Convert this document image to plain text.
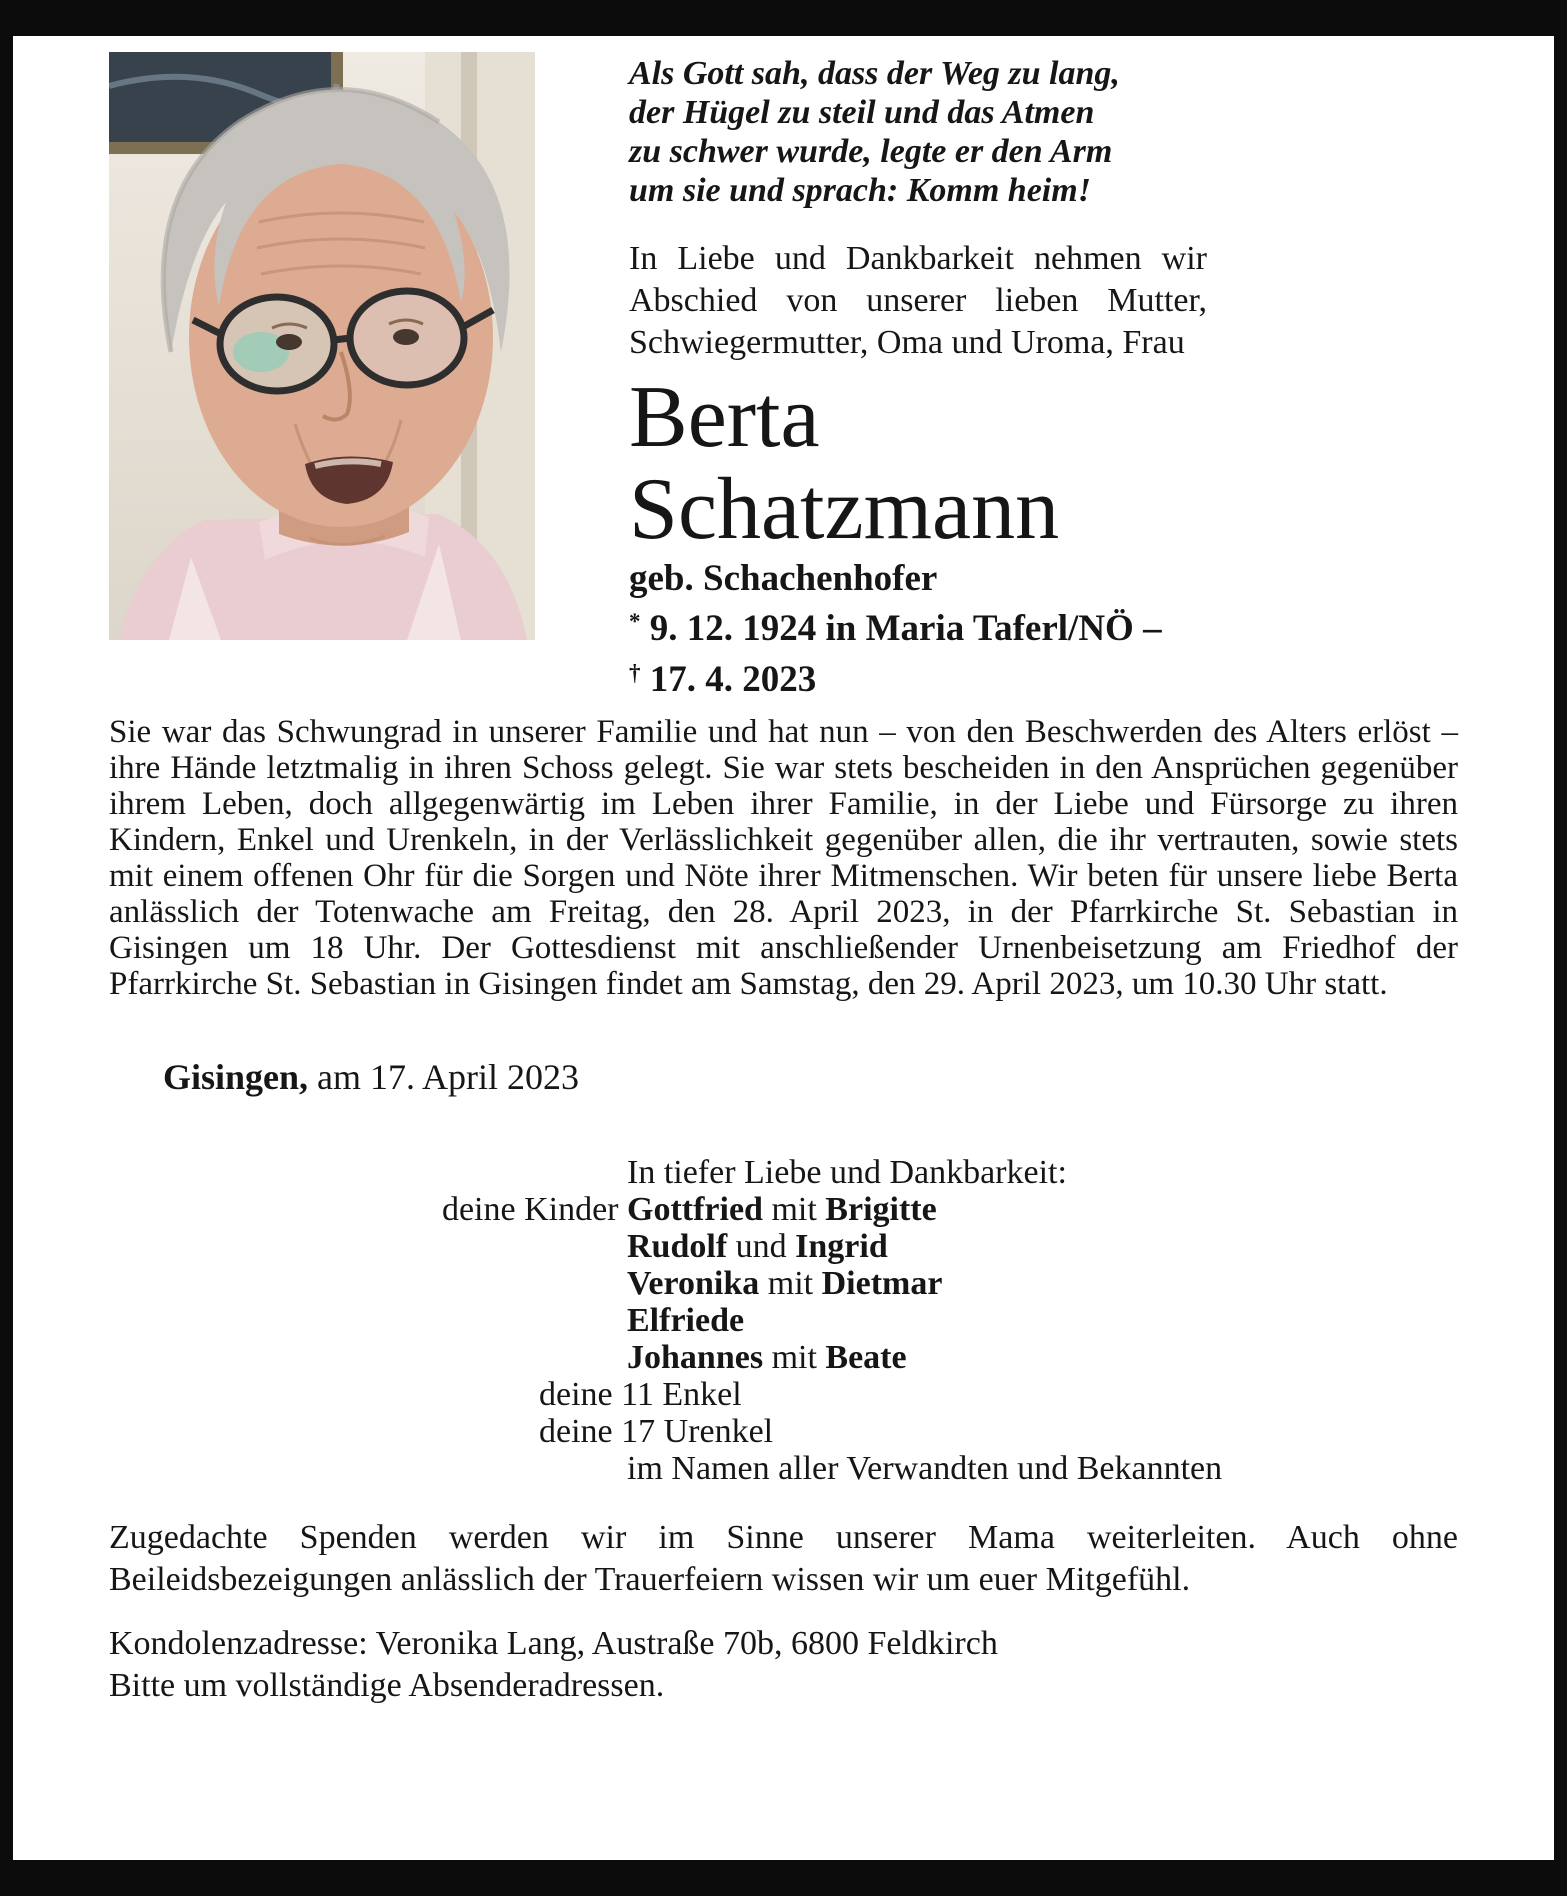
Als Gott sah, dass der Weg zu lang,
der Hügel zu steil und das Atmen
zu schwer wurde, legte er den Arm
um sie und sprach: Komm heim!

In Liebe und Dankbarkeit nehmen wir Abschied von unserer lieben Mutter, Schwiegermutter, Oma und Uroma, Frau

Berta
Schatzmann
geb. Schachenhofer
* 9. 12. 1924 in Maria Taferl/NÖ –
† 17. 4. 2023

Sie war das Schwungrad in unserer Familie und hat nun – von den Beschwerden des Alters erlöst – ihre Hände letztmalig in ihren Schoss gelegt. Sie war stets bescheiden in den Ansprüchen gegenüber ihrem Leben, doch allgegenwärtig im Leben ihrer Familie, in der Liebe und Fürsorge zu ihren Kindern, Enkel und Urenkeln, in der Verlässlichkeit gegenüber allen, die ihr vertrauten, sowie stets mit einem offenen Ohr für die Sorgen und Nöte ihrer Mitmenschen. Wir beten für unsere liebe Berta anlässlich der Totenwache am Freitag, den 28. April 2023, in der Pfarrkirche St. Sebastian in Gisingen um 18 Uhr. Der Gottesdienst mit anschließender Urnenbeisetzung am Friedhof der Pfarrkirche St. Sebastian in Gisingen findet am Samstag, den 29. April 2023, um 10.30 Uhr statt.

Gisingen, am 17. April 2023

In tiefer Liebe und Dankbarkeit:
deine Kinder Gottfried mit Brigitte
Rudolf und Ingrid
Veronika mit Dietmar
Elfriede
Johannes mit Beate
deine 11 Enkel
deine 17 Urenkel
im Namen aller Verwandten und Bekannten

Zugedachte Spenden werden wir im Sinne unserer Mama weiterleiten. Auch ohne Beileidsbezeigungen anlässlich der Trauerfeiern wissen wir um euer Mitgefühl.

Kondolenzadresse: Veronika Lang, Austraße 70b, 6800 Feldkirch
Bitte um vollständige Absenderadressen.
